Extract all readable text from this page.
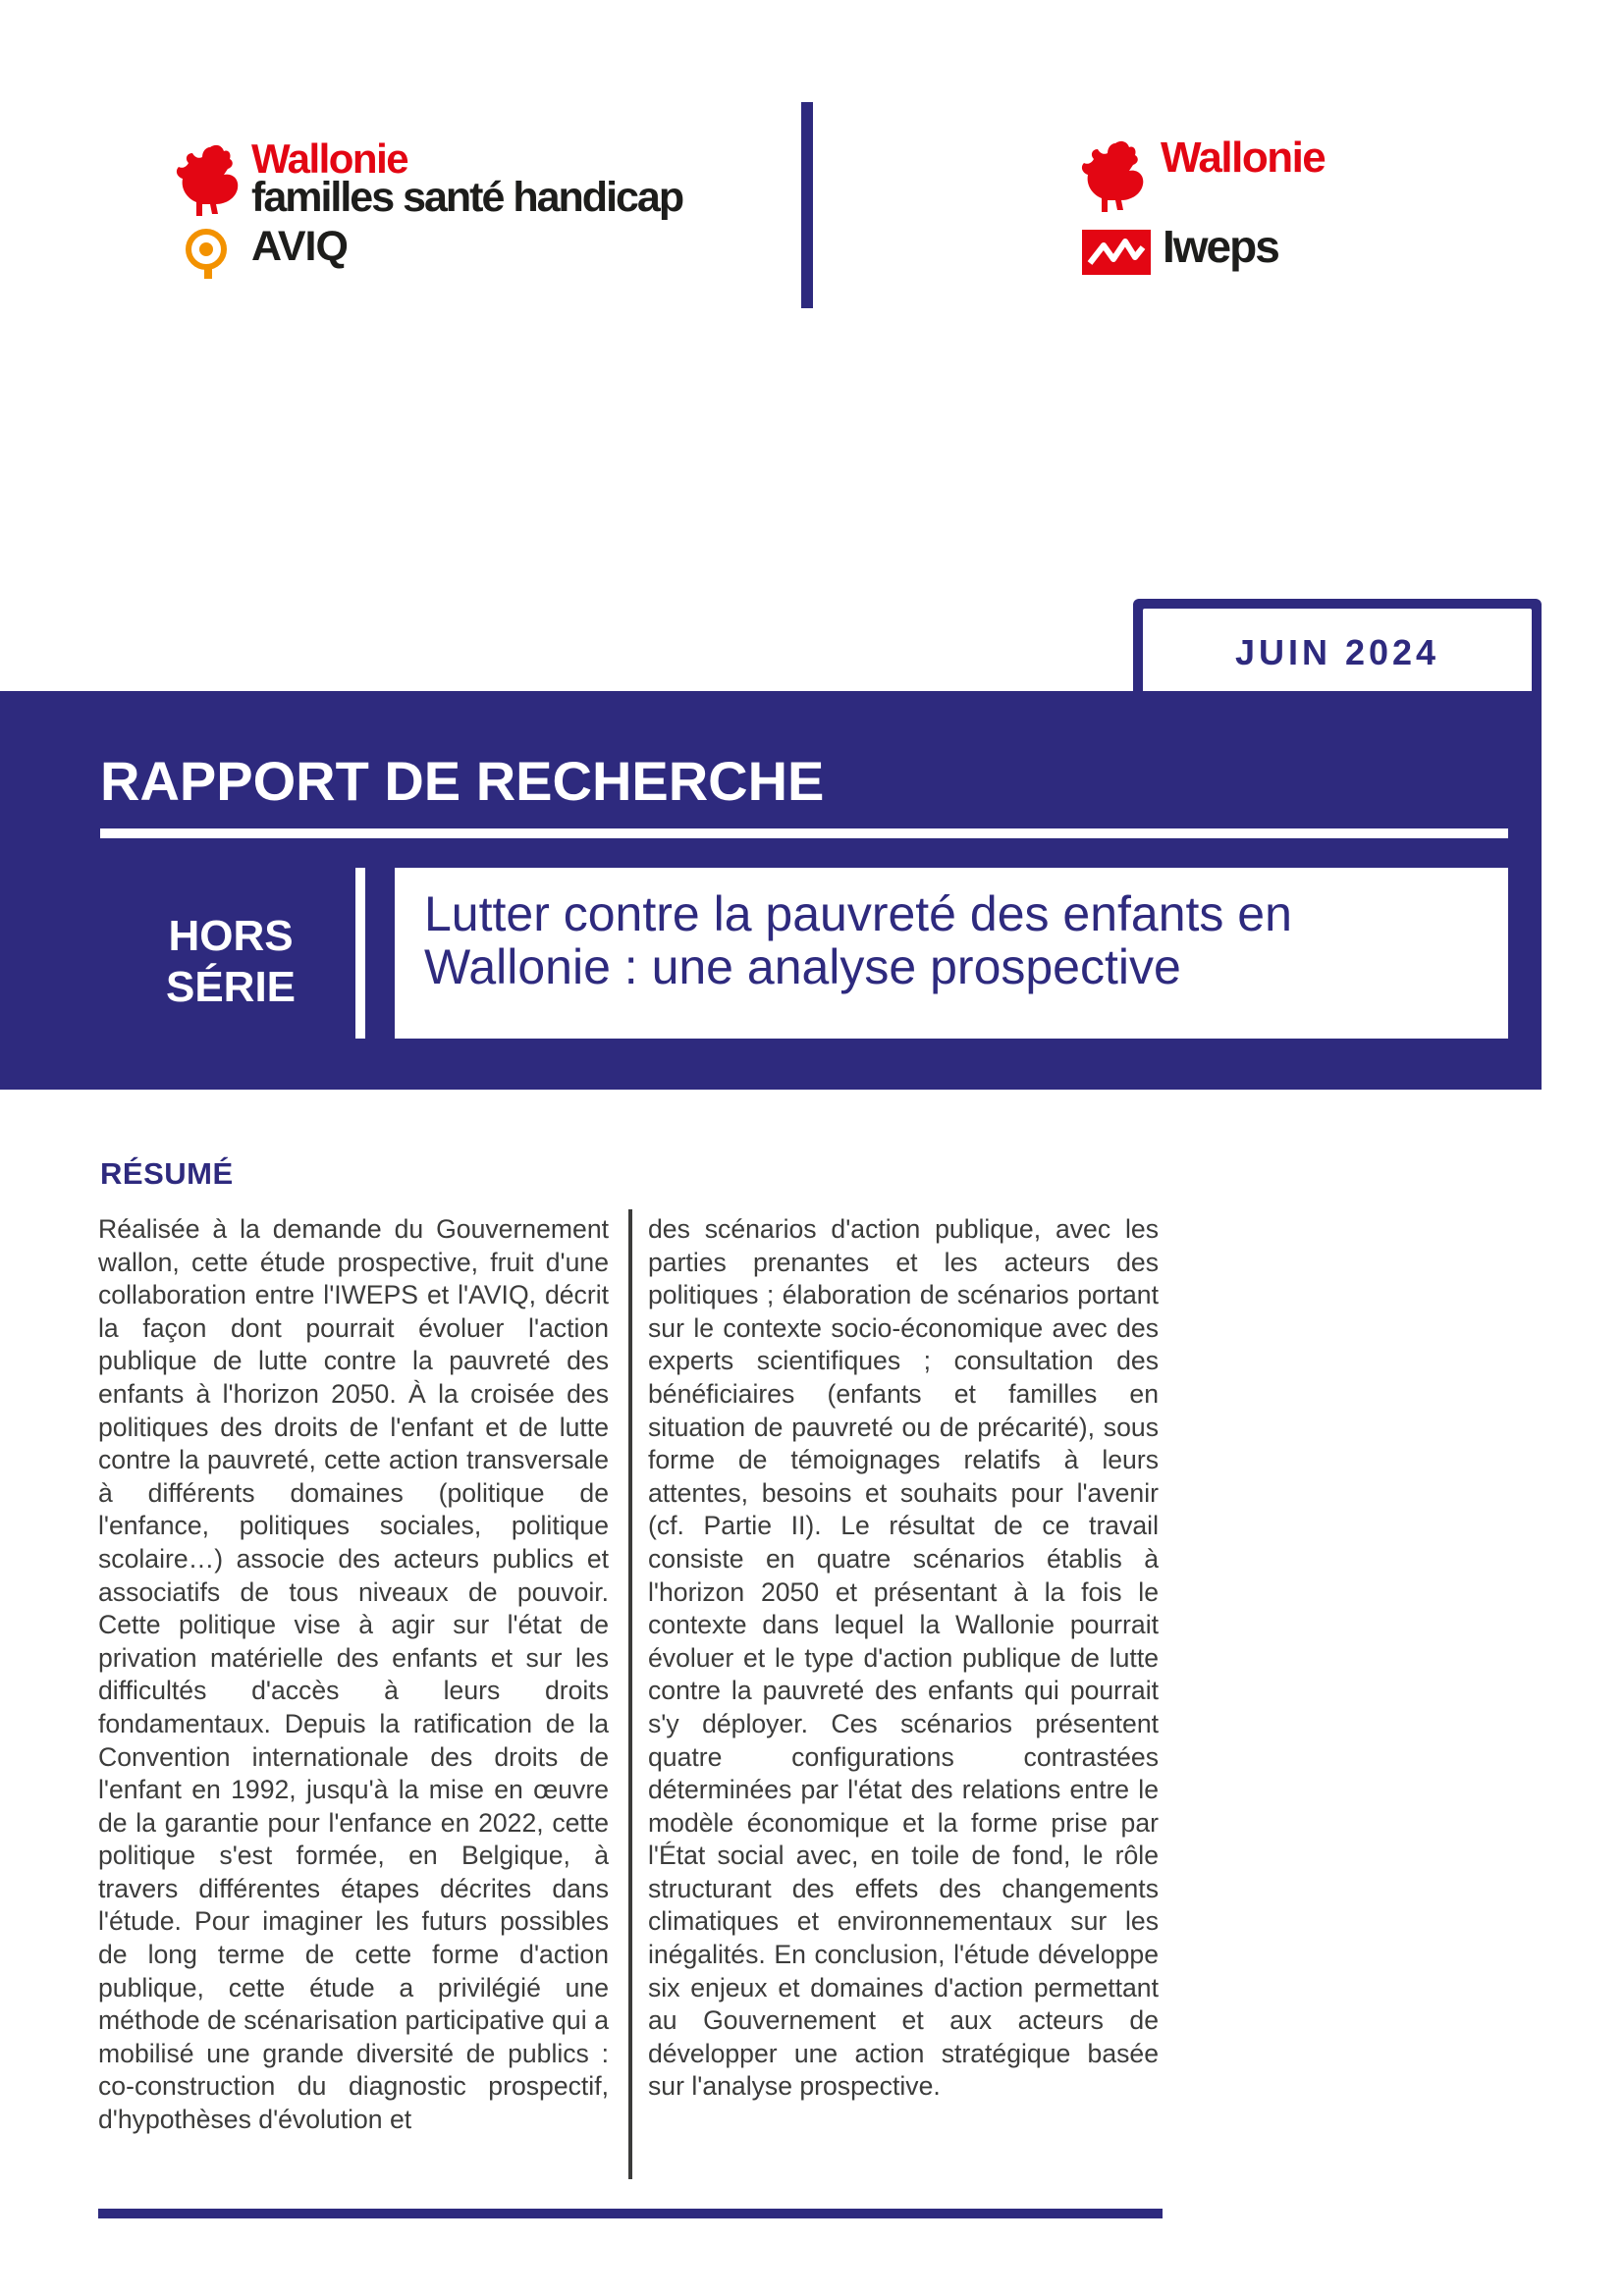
Wallonie
familles santé handicap
AVIQ
Wallonie
Iweps
JUIN 2024
RAPPORT DE RECHERCHE
HORS
SÉRIE
Lutter contre la pauvreté des enfants en Wallonie : une analyse prospective
RÉSUMÉ
Réalisée à la demande du Gouvernement wallon, cette étude prospective, fruit d'une collaboration entre l'IWEPS et l'AVIQ, décrit la façon dont pourrait évoluer l'action publique de lutte contre la pauvreté des enfants à l'horizon 2050. À la croisée des politiques des droits de l'enfant et de lutte contre la pauvreté, cette action transversale à différents domaines (politique de l'enfance, politiques sociales, politique scolaire…) associe des acteurs publics et associatifs de tous niveaux de pouvoir. Cette politique vise à agir sur l'état de privation matérielle des enfants et sur les difficultés d'accès à leurs droits fondamentaux. Depuis la ratification de la Convention internationale des droits de l'enfant en 1992, jusqu'à la mise en œuvre de la garantie pour l'enfance en 2022, cette politique s'est formée, en Belgique, à travers différentes étapes décrites dans l'étude. Pour imaginer les futurs possibles de long terme de cette forme d'action publique, cette étude a privilégié une méthode de scénarisation participative qui a mobilisé une grande diversité de publics : co-construction du diagnostic prospectif, d'hypothèses d'évolution et
des scénarios d'action publique, avec les parties prenantes et les acteurs des politiques ; élaboration de scénarios portant sur le contexte socio-économique avec des experts scientifiques ; consultation des bénéficiaires (enfants et familles en situation de pauvreté ou de précarité), sous forme de témoignages relatifs à leurs attentes, besoins et souhaits pour l'avenir (cf. Partie II). Le résultat de ce travail consiste en quatre scénarios établis à l'horizon 2050 et présentant à la fois le contexte dans lequel la Wallonie pourrait évoluer et le type d'action publique de lutte contre la pauvreté des enfants qui pourrait s'y déployer. Ces scénarios présentent quatre configurations contrastées déterminées par l'état des relations entre le modèle économique et la forme prise par l'État social avec, en toile de fond, le rôle structurant des effets des changements climatiques et environnementaux sur les inégalités. En conclusion, l'étude développe six enjeux et domaines d'action permettant au Gouvernement et aux acteurs de développer une action stratégique basée sur l'analyse prospective.
